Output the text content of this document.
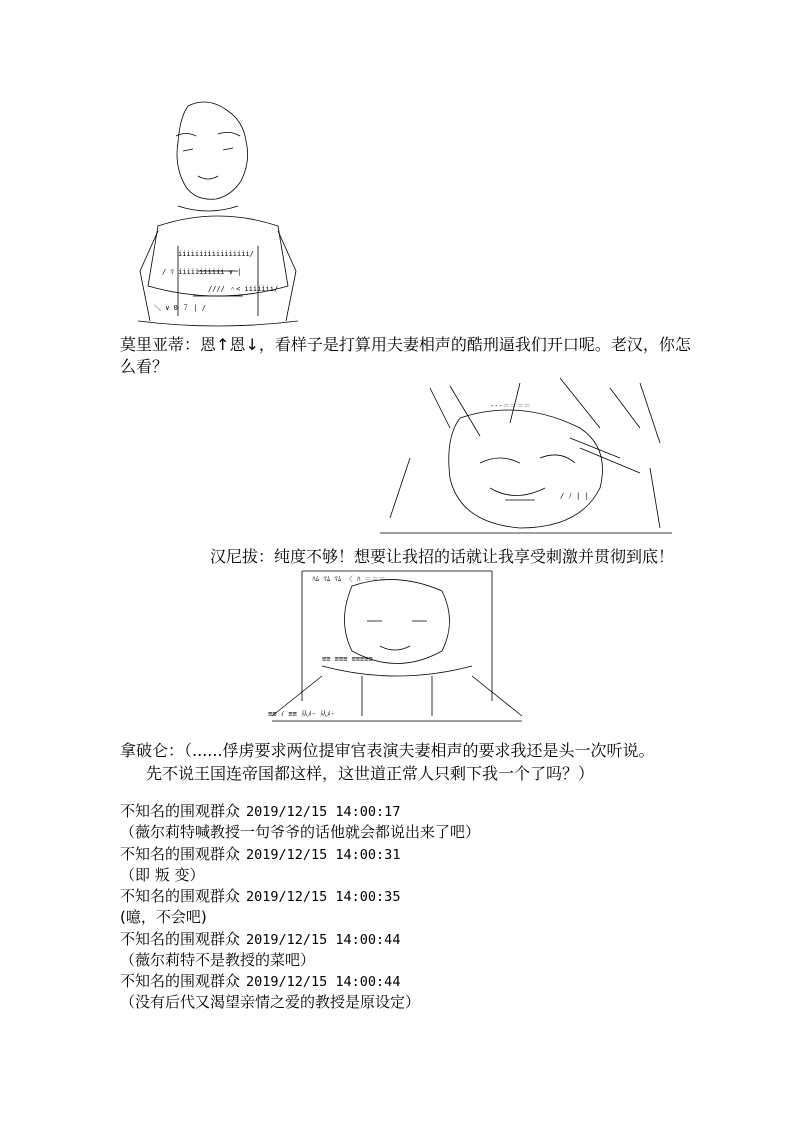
iiiiiiiiiiiiiiiii/
/ ﾏ iiiiiiiiiii ∨ |
//// ＾< iiiiiii/
＼ ∨ 0 ７ | /
莫里亚蒂：恩↑恩↓，看样子是打算用夫妻相声的酷刑逼我们开口呢。老汉，你怎
么看？
---＝＝＝＝
/ ﾉ | |
汉尼拔：纯度不够！想要让我招的话就让我享受刺激并贯彻到底！
ﾊﾑ ﾏﾑ ﾏﾑ 〈 ﾊ ＝＝＝
≡≡ ≡≡≡ ≡≡≡≡≡
≡≡ ｲ ≡≡ 从ﾒ- 从ﾒ-
拿破仑：（......俘虏要求两位提审官表演夫妻相声的要求我还是头一次听说。
先不说王国连帝国都这样，这世道正常人只剩下我一个了吗？）
不知名的围观群众 2019/12/15 14:00:17
（薇尔莉特喊教授一句爷爷的话他就会都说出来了吧）
不知名的围观群众 2019/12/15 14:00:31
（即 叛 变）
不知名的围观群众 2019/12/15 14:00:35
(噫，不会吧)
不知名的围观群众 2019/12/15 14:00:44
（薇尔莉特不是教授的菜吧）
不知名的围观群众 2019/12/15 14:00:44
（没有后代又渴望亲情之爱的教授是原设定）
